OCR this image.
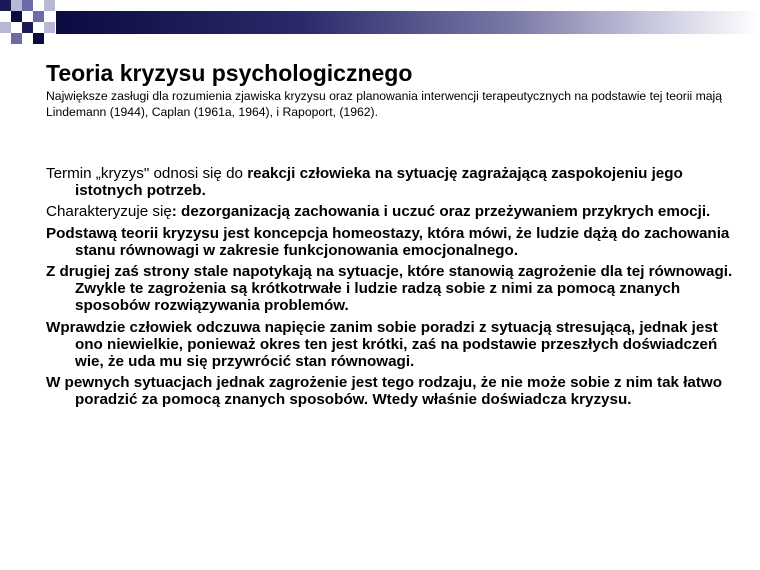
Teoria kryzysu psychologicznego

Największe zasługi dla rozumienia zjawiska kryzysu oraz planowania interwencji terapeutycznych na podstawie tej teorii mają Lindemann (1944), Caplan (1961a, 1964), i Rapoport, (1962).

Termin „kryzys" odnosi się do reakcji człowieka na sytuację zagrażającą zaspokojeniu jego istotnych potrzeb.

Charakteryzuje się: dezorganizacją zachowania i uczuć oraz przeżywaniem przykrych emocji.

Podstawą teorii kryzysu jest koncepcja homeostazy, która mówi, że ludzie dążą do zachowania stanu równowagi w zakresie funkcjonowania emocjonalnego.

Z drugiej zaś strony stale napotykają na sytuacje, które stanowią zagrożenie dla tej równowagi. Zwykle te zagrożenia są krótkotrwałe i ludzie radzą sobie z nimi za pomocą znanych sposobów rozwiązywania problemów.

Wprawdzie człowiek odczuwa napięcie zanim sobie poradzi z sytuacją stresującą, jednak jest ono niewielkie, ponieważ okres ten jest krótki, zaś na podstawie przeszłych doświadczeń wie, że uda mu się przywrócić stan równowagi.

W pewnych sytuacjach jednak zagrożenie jest tego rodzaju, że nie może sobie z nim tak łatwo poradzić za pomocą znanych sposobów. Wtedy właśnie doświadcza kryzysu.
